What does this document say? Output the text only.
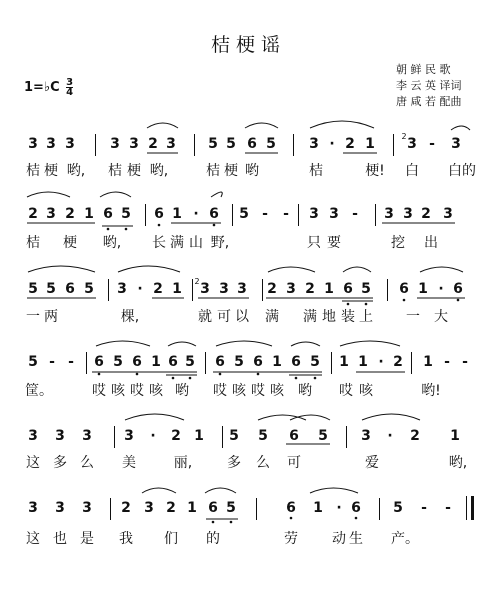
桔梗谣
朝 鲜 民 歌
李 云 英 译词
唐 咸 若 配曲
1=♭C $\frac{3}{4}$
3 3 3	3 3 2 3 5 5 6 5 3 · 2 1 3 - 3
桔 梗 哟, 桔 梗 哟,	桔 梗 哟	桔	梗! 白 白的
2
2 3 2 1 6 5 6 1 · 6 5 - - 3 3 - 3 3 2 3
桔 梗 哟, 长 满 山 野,	只 要	挖 出
5 5 6 5 3 · 2 1 3 3 3 2 3 2 1 6 5 6 1 · 6
一 两	棵,	就 可 以 满 满 地 装 上 一 大
2
5 - - 6 5 6 1 6 5 6 5 6 1 6 5 1 1 · 2 1 - -
筐。	哎 咳 哎 咳 哟 哎 咳 哎 咳 哟 哎 咳	哟!
3 3 3 3 · 2 1 5 5 6 5 3 · 2 1
这 多 么 美	丽, 多 么 可	爱	哟,
3 3 3 2 3 2 1 6 5	6 1 · 6 5 - -
这 也 是 我 们 的	劳 动 生 产。
